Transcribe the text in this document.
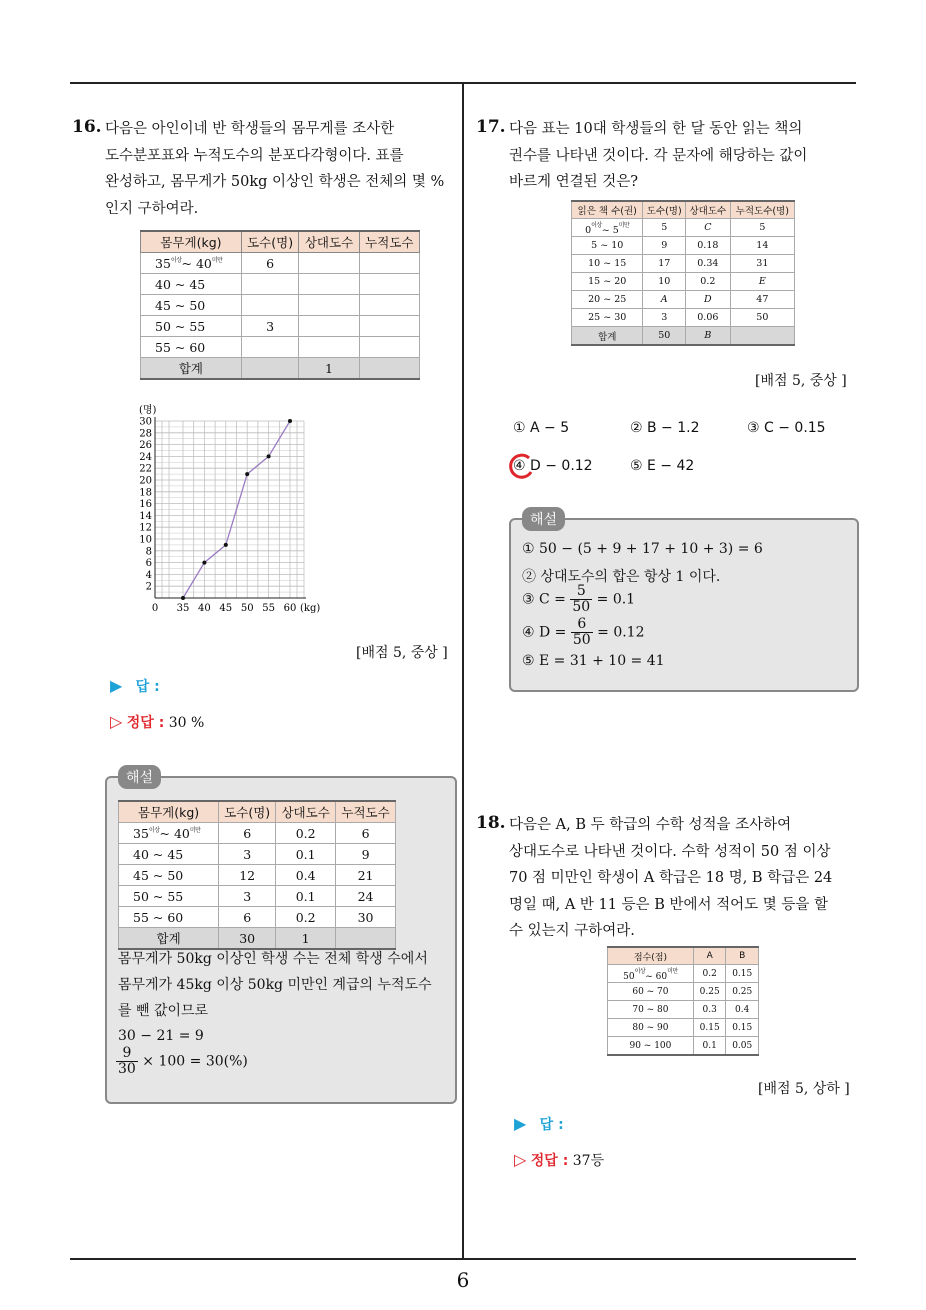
16. 다음은 아인이네 반 학생들의 몸무게를 조사한
도수분포표와 누적도수의 분포다각형이다. 표를
완성하고, 몸무게가 50kg 이상인 학생은 전체의 몇 %
인지 구하여라.
몸무게(kg)	도수(명)	상대도수	누적도수
$35^{이상}\sim$ $40^{미만}$	6		
40 ~ 45			
45 ~ 50			
50 ~ 55	3		
55 ~ 60			
합계		1	
2
4
6
8
10
12
14
16
18
20
22
24
26
28
30
(명)
0 35 40 45 50 55 60 (kg)
[배점 5, 중상 ]
▶ 답 :
▷ 정답 : 30 %
해설
몸무게(kg)	도수(명)	상대도수	누적도수
$35^{이상}\sim$ $40^{미만}$	6	0.2	6
40 ~ 45	3	0.1	9
45 ~ 50	12	0.4	21
50 ~ 55	3	0.1	24
55 ~ 60	6	0.2	30
합계	30	1	
몸무게가 50kg 이상인 학생 수는 전체 학생 수에서
몸무게가 45kg 이상 50kg 미만인 계급의 누적도수
를 뺀 값이므로
30 − 21 = 9
$\frac{9}{30} \times 100 = 30(\%)$
17. 다음 표는 10대 학생들의 한 달 동안 읽는 책의
권수를 나타낸 것이다. 각 문자에 해당하는 값이
바르게 연결된 것은?
읽은 책 수(권)	도수(명)	상대도수	누적도수(명)
$0^{이상}\sim$ $5^{미만}$	5	C	5
5 ~ 10	9	0.18	14
10 ~ 15	17	0.34	31
15 ~ 20	10	0.2	E
20 ~ 25	A	D	47
25 ~ 30	3	0.06	50
합계	50	B	
[배점 5, 중상 ]
① A − 5	② B − 1.2	③ C − 0.15
④ D − 0.12	⑤ E − 42
해설
① 50 − (5 + 9 + 17 + 10 + 3) = 6
② 상대도수의 합은 항상 1 이다.
③ $C = \frac{5}{50} = 0.1$
④ $D = \frac{6}{50} = 0.12$
⑤ E = 31 + 10 = 41
18. 다음은 A, B 두 학급의 수학 성적을 조사하여
상대도수로 나타낸 것이다. 수학 성적이 50 점 이상
70 점 미만인 학생이 A 학급은 18 명, B 학급은 24
명일 때, A 반 11 등은 B 반에서 적어도 몇 등을 할
수 있는지 구하여라.
점수(점)	A	B
$50^{이상}\sim$ $60^{미만}$	0.2	0.15
60 ~ 70	0.25	0.25
70 ~ 80	0.3	0.4
80 ~ 90	0.15	0.15
90 ~ 100	0.1	0.05
[배점 5, 상하 ]
▶ 답 :
▷ 정답 : 37등
6
